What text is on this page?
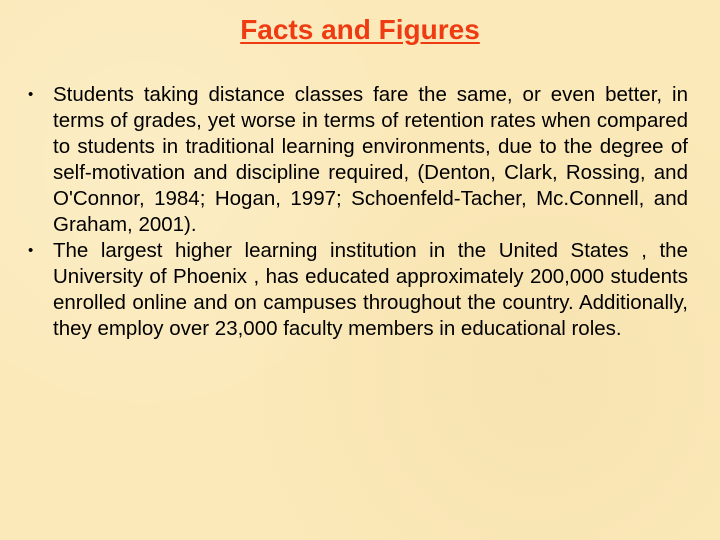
Facts and Figures
• Students taking distance classes fare the same, or even better, in terms of grades, yet worse in terms of retention rates when compared to students in traditional learning environments, due to the degree of self-motivation and discipline required, (Denton, Clark, Rossing, and O'Connor, 1984; Hogan, 1997; Schoenfeld-Tacher, Mc.Connell, and Graham, 2001).
• The largest higher learning institution in the United States , the University of Phoenix , has educated approximately 200,000 students enrolled online and on campuses throughout the country. Additionally, they employ over 23,000 faculty members in educational roles.
